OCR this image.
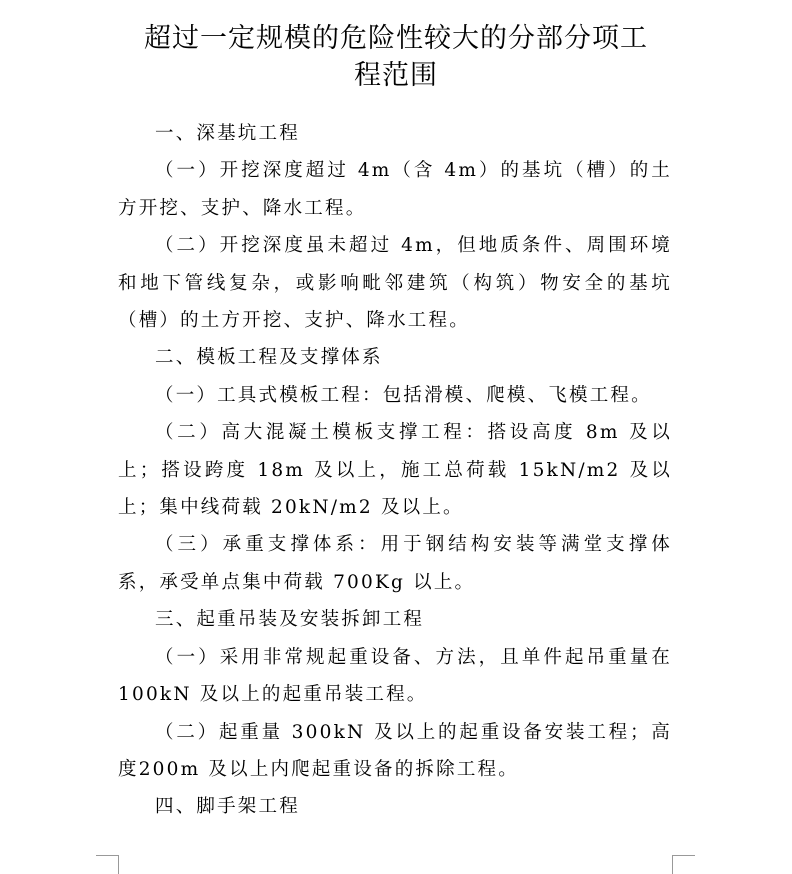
超过一定规模的危险性较大的分部分项工
程范围

一、深基坑工程

（一）开挖深度超过 4m（含 4m）的基坑（槽）的土方开挖、支护、降水工程。

（二）开挖深度虽未超过 4m，但地质条件、周围环境和地下管线复杂，或影响毗邻建筑（构筑）物安全的基坑（槽）的土方开挖、支护、降水工程。

二、模板工程及支撑体系

（一）工具式模板工程：包括滑模、爬模、飞模工程。

（二）高大混凝土模板支撑工程：搭设高度 8m 及以上；搭设跨度 18m 及以上，施工总荷载 15kN/m2 及以上；集中线荷载 20kN/m2 及以上。

（三）承重支撑体系：用于钢结构安装等满堂支撑体系，承受单点集中荷载 700Kg 以上。

三、起重吊装及安装拆卸工程

（一）采用非常规起重设备、方法，且单件起吊重量在100kN 及以上的起重吊装工程。

（二）起重量 300kN 及以上的起重设备安装工程；高度200m 及以上内爬起重设备的拆除工程。

四、脚手架工程
